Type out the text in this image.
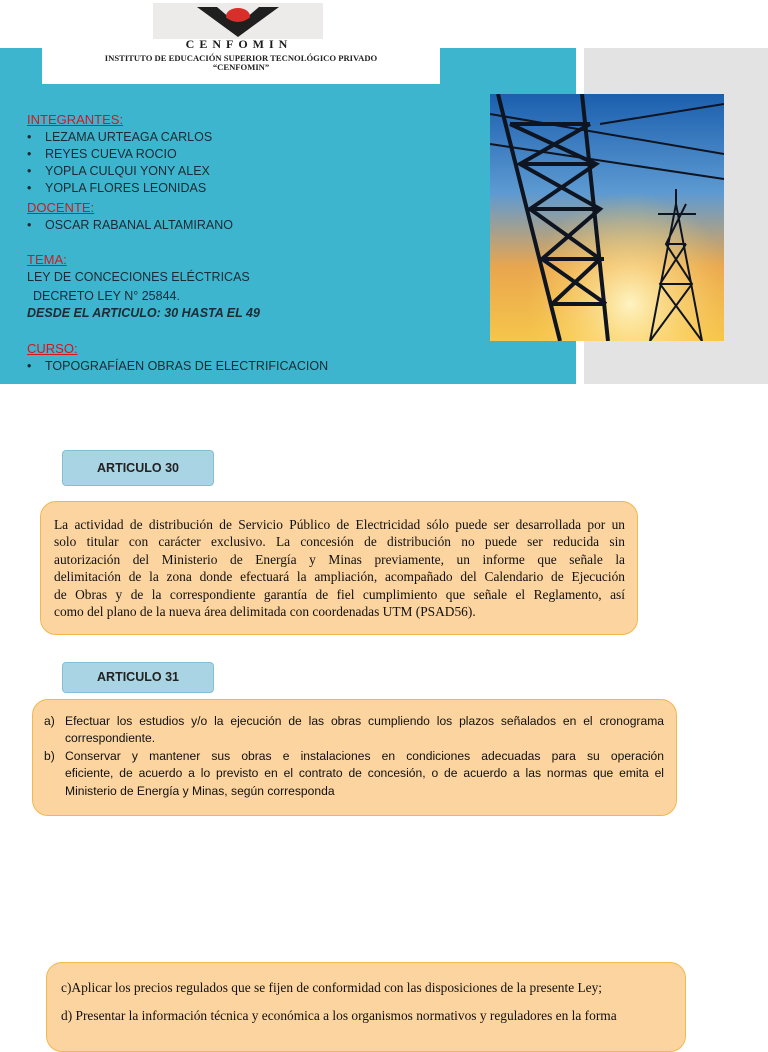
CENFOMIN
INSTITUTO DE EDUCACIÓN SUPERIOR TECNOLÓGICO PRIVADO
“CENFOMIN”
INTEGRANTES:
• LEZAMA URTEAGA CARLOS
• REYES CUEVA ROCIO
• YOPLA CULQUI YONY ALEX
• YOPLA FLORES LEONIDAS
DOCENTE:
• OSCAR RABANAL ALTAMIRANO
TEMA:
LEY DE CONCECIONES ELÉCTRICAS
DECRETO LEY N° 25844.
DESDE EL ARTICULO: 30 HASTA EL 49
CURSO:
• TOPOGRAFÍAEN OBRAS DE ELECTRIFICACION
ARTICULO 30
La actividad de distribución de Servicio Público de Electricidad sólo puede ser desarrollada por un
solo titular con carácter exclusivo. La concesión de distribución no puede ser reducida sin
autorización del Ministerio de Energía y Minas previamente, un informe que señale la
delimitación de la zona donde efectuará la ampliación, acompañado del Calendario de Ejecución
de Obras y de la correspondiente garantía de fiel cumplimiento que señale el Reglamento, así
como del plano de la nueva área delimitada con coordenadas UTM (PSAD56).
ARTICULO 31
a) Efectuar los estudios y/o la ejecución de las obras cumpliendo los plazos señalados en el cronograma
correspondiente.
b) Conservar y mantener sus obras e instalaciones en condiciones adecuadas para su operación
eficiente, de acuerdo a lo previsto en el contrato de concesión, o de acuerdo a las normas que emita el
Ministerio de Energía y Minas, según corresponda
c)Aplicar los precios regulados que se fijen de conformidad con las disposiciones de la presente Ley;
d) Presentar la información técnica y económica a los organismos normativos y reguladores en la forma
